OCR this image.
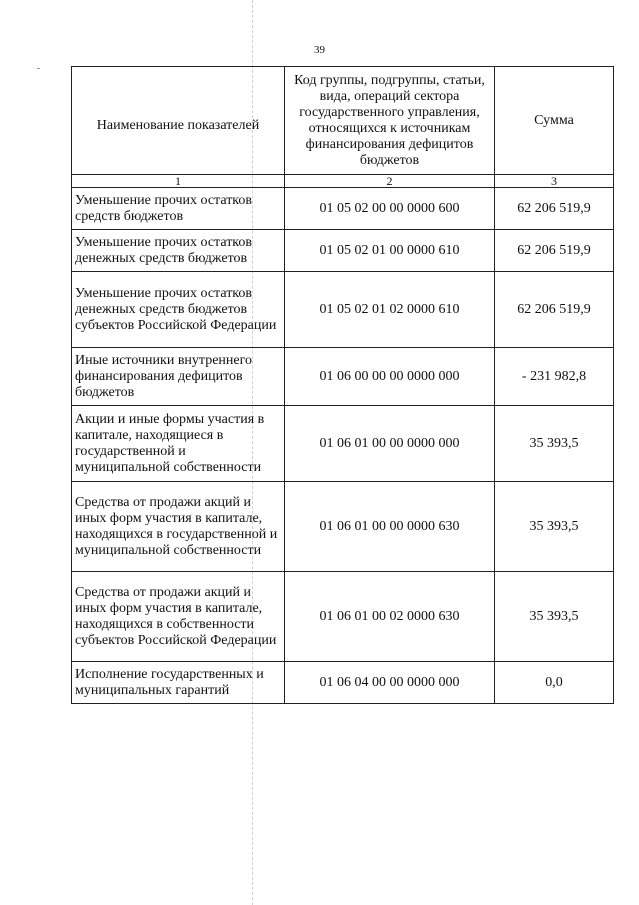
39
Наименование показателей	Код группы, подгруппы, статьи, вида, операций сектора государственного управления, относящихся к источникам финансирования дефицитов бюджетов	Сумма
1	2	3
Уменьшение прочих остатков средств бюджетов	01 05 02 00 00 0000 600	62 206 519,9
Уменьшение прочих остатков денежных средств бюджетов	01 05 02 01 00 0000 610	62 206 519,9
Уменьшение прочих остатков денежных средств бюджетов субъектов Российской Федерации	01 05 02 01 02 0000 610	62 206 519,9
Иные источники внутреннего финансирования дефицитов бюджетов	01 06 00 00 00 0000 000	- 231 982,8
Акции и иные формы участия в капитале, находящиеся в государственной и муниципальной собственности	01 06 01 00 00 0000 000	35 393,5
Средства от продажи акций и иных форм участия в капитале, находящихся в государственной и муниципальной собственности	01 06 01 00 00 0000 630	35 393,5
Средства от продажи акций и иных форм участия в капитале, находящихся в собственности субъектов Российской Федерации	01 06 01 00 02 0000 630	35 393,5
Исполнение государственных и муниципальных гарантий	01 06 04 00 00 0000 000	0,0
